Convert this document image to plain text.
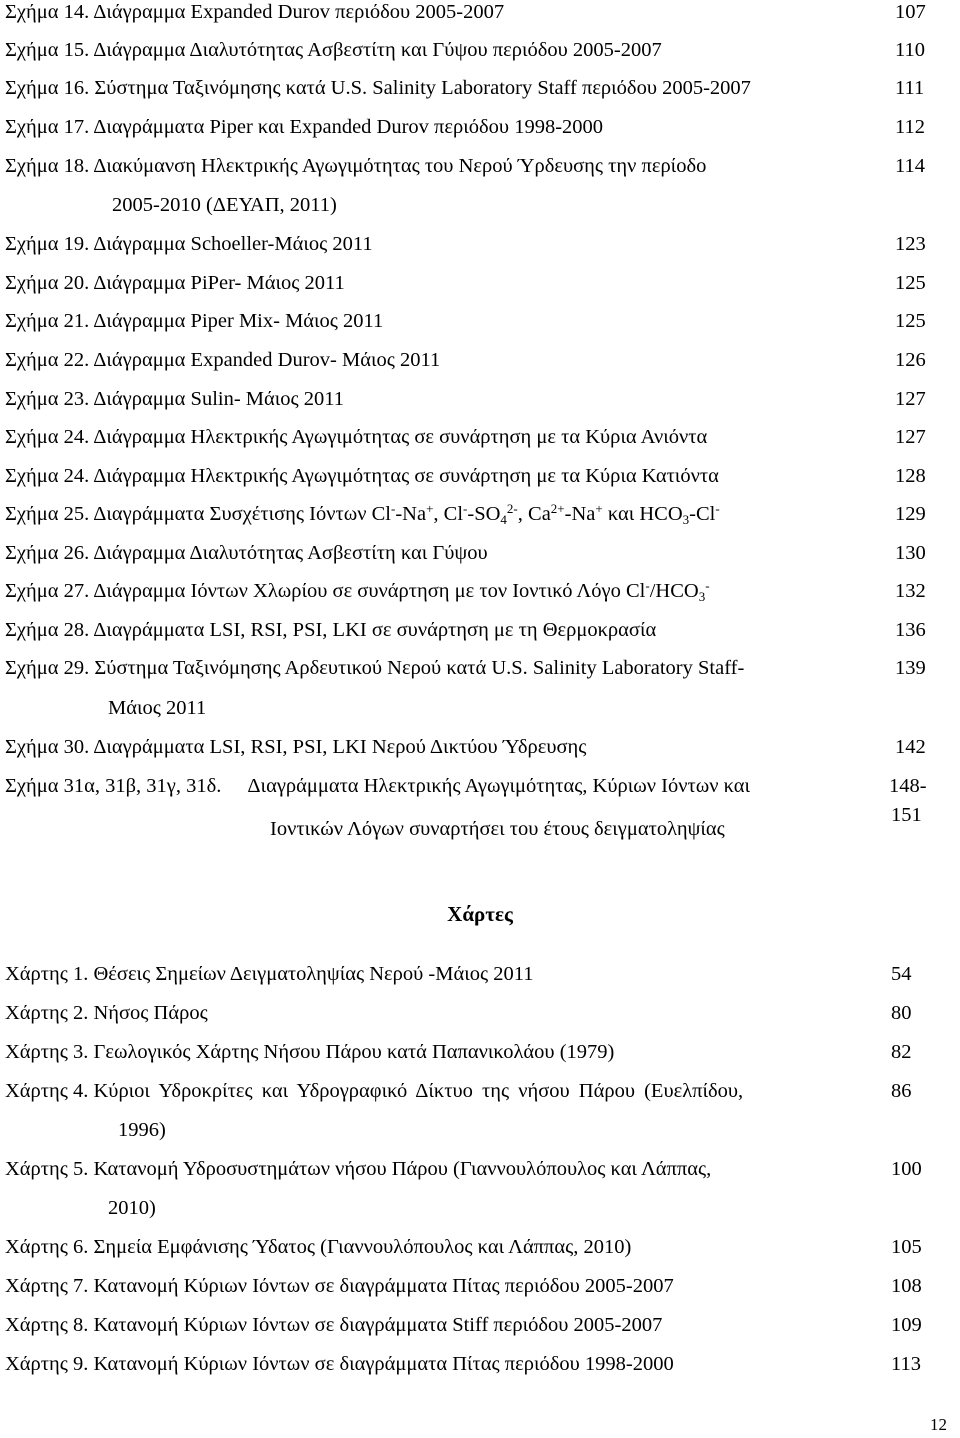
Σχήμα 14. Διάγραμμα Expanded Durov περιόδου 2005-2007	107
Σχήμα 15. Διάγραμμα Διαλυτότητας Ασβεστίτη και Γύψου περιόδου 2005-2007	110
Σχήμα 16. Σύστημα Ταξινόμησης κατά U.S. Salinity Laboratory Staff περιόδου 2005-2007	111
Σχήμα 17. Διαγράμματα Piper και Expanded Durov περιόδου 1998-2000	112
Σχήμα 18. Διακύμανση Ηλεκτρικής Αγωγιμότητας του Νερού Ύρδευσης την περίοδο	114
2005-2010 (ΔΕΥΑΠ, 2011)
Σχήμα 19. Διάγραμμα Schoeller-Μάιος 2011	123
Σχήμα 20. Διάγραμμα PiPer- Μάιος 2011	125
Σχήμα 21. Διάγραμμα Piper Mix- Μάιος 2011	125
Σχήμα 22. Διάγραμμα Expanded Durov- Μάιος 2011	126
Σχήμα 23. Διάγραμμα Sulin- Μάιος 2011	127
Σχήμα 24. Διάγραμμα Ηλεκτρικής Αγωγιμότητας σε συνάρτηση με τα Κύρια Ανιόντα	127
Σχήμα 24. Διάγραμμα Ηλεκτρικής Αγωγιμότητας σε συνάρτηση με τα Κύρια Κατιόντα	128
Σχήμα 25. Διαγράμματα Συσχέτισης Ιόντων Cl--Na+, $Cl^--SO_4^{2-}$, $Ca^{2+}-Na^+$ και $HCO_3-Cl^-$	129
Σχήμα 26. Διάγραμμα Διαλυτότητας Ασβεστίτη και Γύψου	130
Σχήμα 27. Διάγραμμα Ιόντων Χλωρίου σε συνάρτηση με τον Ιοντικό Λόγο $Cl^-/HCO_3^-$	132
Σχήμα 28. Διαγράμματα LSI, RSI, PSI, LKI σε συνάρτηση με τη Θερμοκρασία	136
Σχήμα 29. Σύστημα Ταξινόμησης Αρδευτικού Νερού κατά U.S. Salinity Laboratory Staff-	139
Μάιος 2011
Σχήμα 30. Διαγράμματα LSI, RSI, PSI, LKI Νερού Δικτύου Ύδρευσης	142
Σχήμα 31α, 31β, 31γ, 31δ. Διαγράμματα Ηλεκτρικής Αγωγιμότητας, Κύριων Ιόντων και	148-
151
Ιοντικών Λόγων συναρτήσει του έτους δειγματοληψίας
Χάρτες
Χάρτης 1. Θέσεις Σημείων Δειγματοληψίας Νερού -Μάιος 2011	54
Χάρτης 2. Νήσος Πάρος	80
Χάρτης 3. Γεωλογικός Χάρτης Νήσου Πάρου κατά Παπανικολάου (1979)	82
Χάρτης 4. Κύριοι Υδροκρίτες και Υδρογραφικό Δίκτυο της νήσου Πάρου (Ευελπίδου,	86
1996)
Χάρτης 5. Κατανομή Υδροσυστημάτων νήσου Πάρου (Γιαννουλόπουλος και Λάππας,	100
2010)
Χάρτης 6. Σημεία Εμφάνισης Ύδατος (Γιαννουλόπουλος και Λάππας, 2010)	105
Χάρτης 7. Κατανομή Κύριων Ιόντων σε διαγράμματα Πίτας περιόδου 2005-2007	108
Χάρτης 8. Κατανομή Κύριων Ιόντων σε διαγράμματα Stiff περιόδου 2005-2007	109
Χάρτης 9. Κατανομή Κύριων Ιόντων σε διαγράμματα Πίτας περιόδου 1998-2000	113
12
